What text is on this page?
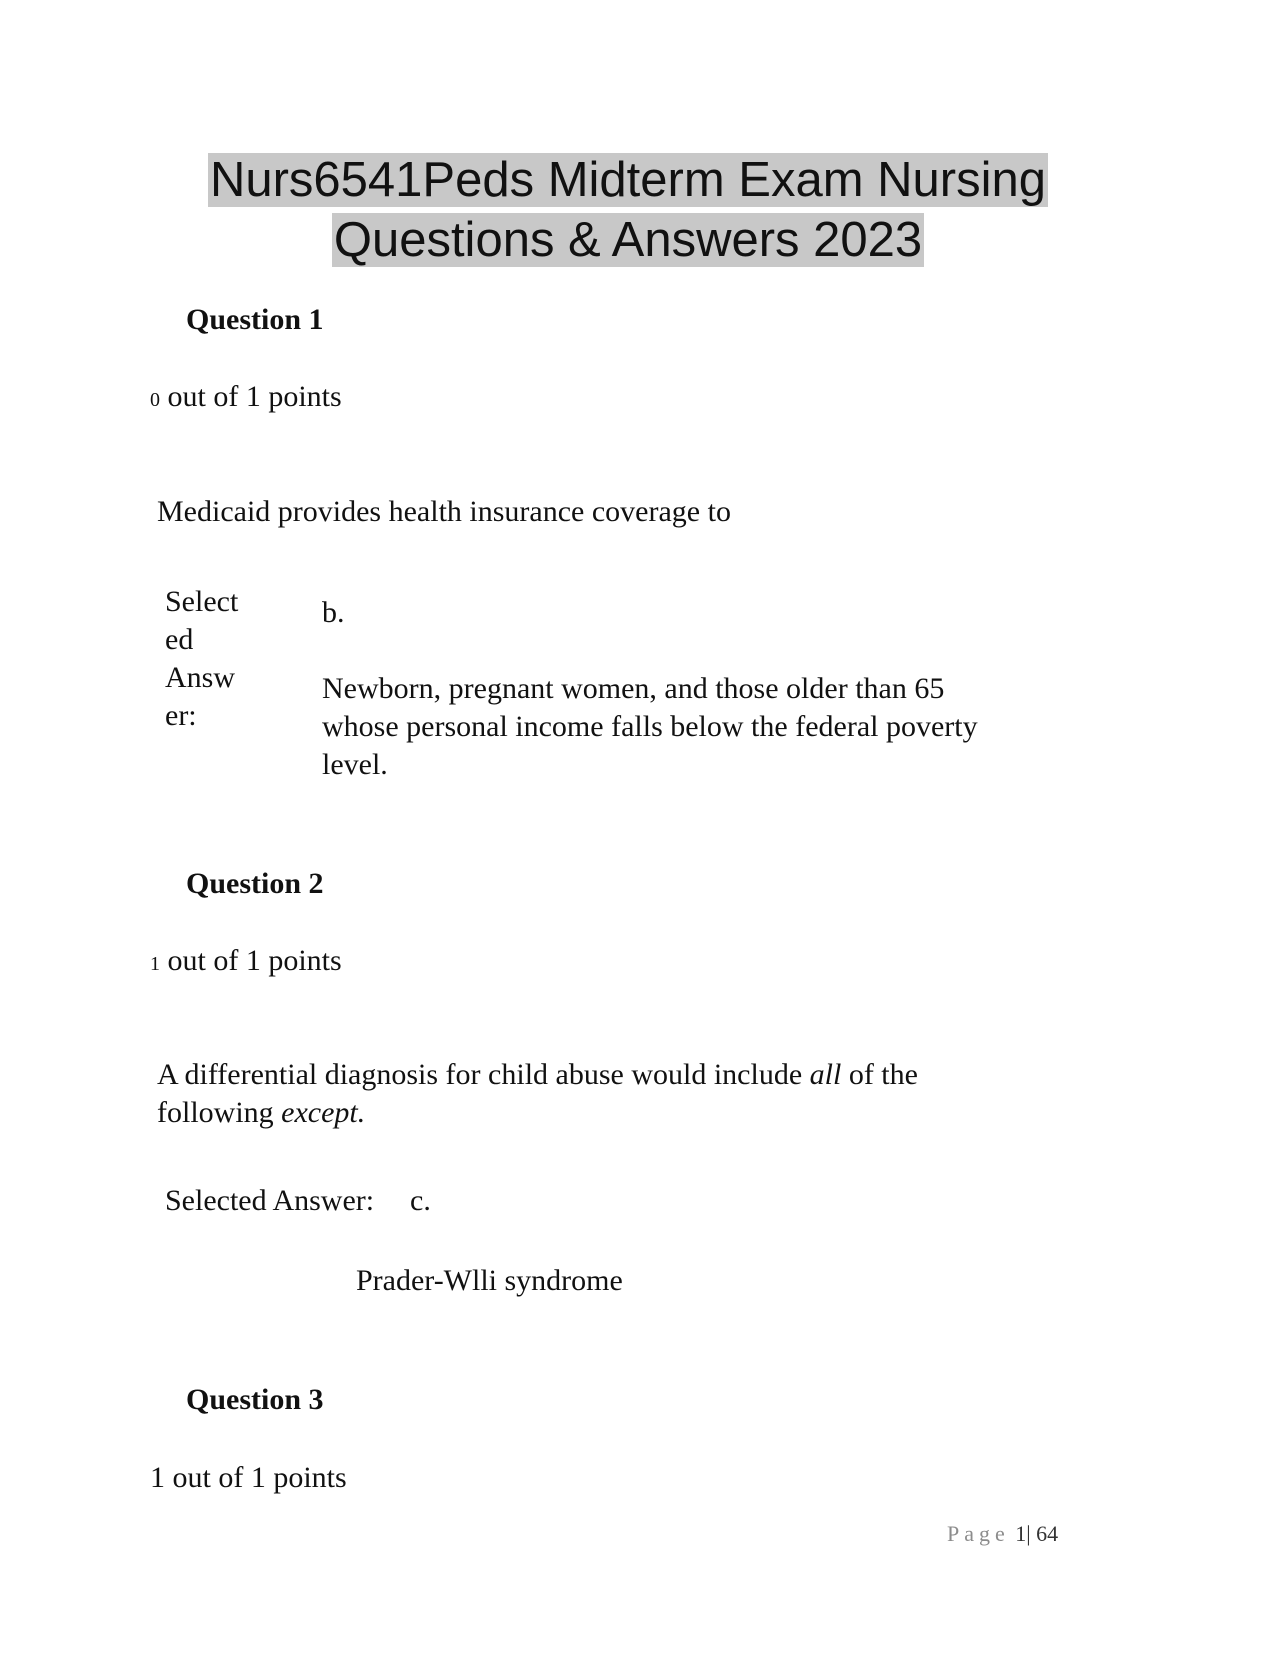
Nurs6541Peds Midterm Exam Nursing
Questions & Answers 2023
Question 1
0 out of 1 points
Medicaid provides health insurance coverage to
Select
ed
Answ
er:
b.
Newborn, pregnant women, and those older than 65
whose personal income falls below the federal poverty
level.
Question 2
1 out of 1 points
A differential diagnosis for child abuse would include all of the
following except.
Selected Answer: c.
Prader-Wlli syndrome
Question 3
1 out of 1 points
Page 1| 64
